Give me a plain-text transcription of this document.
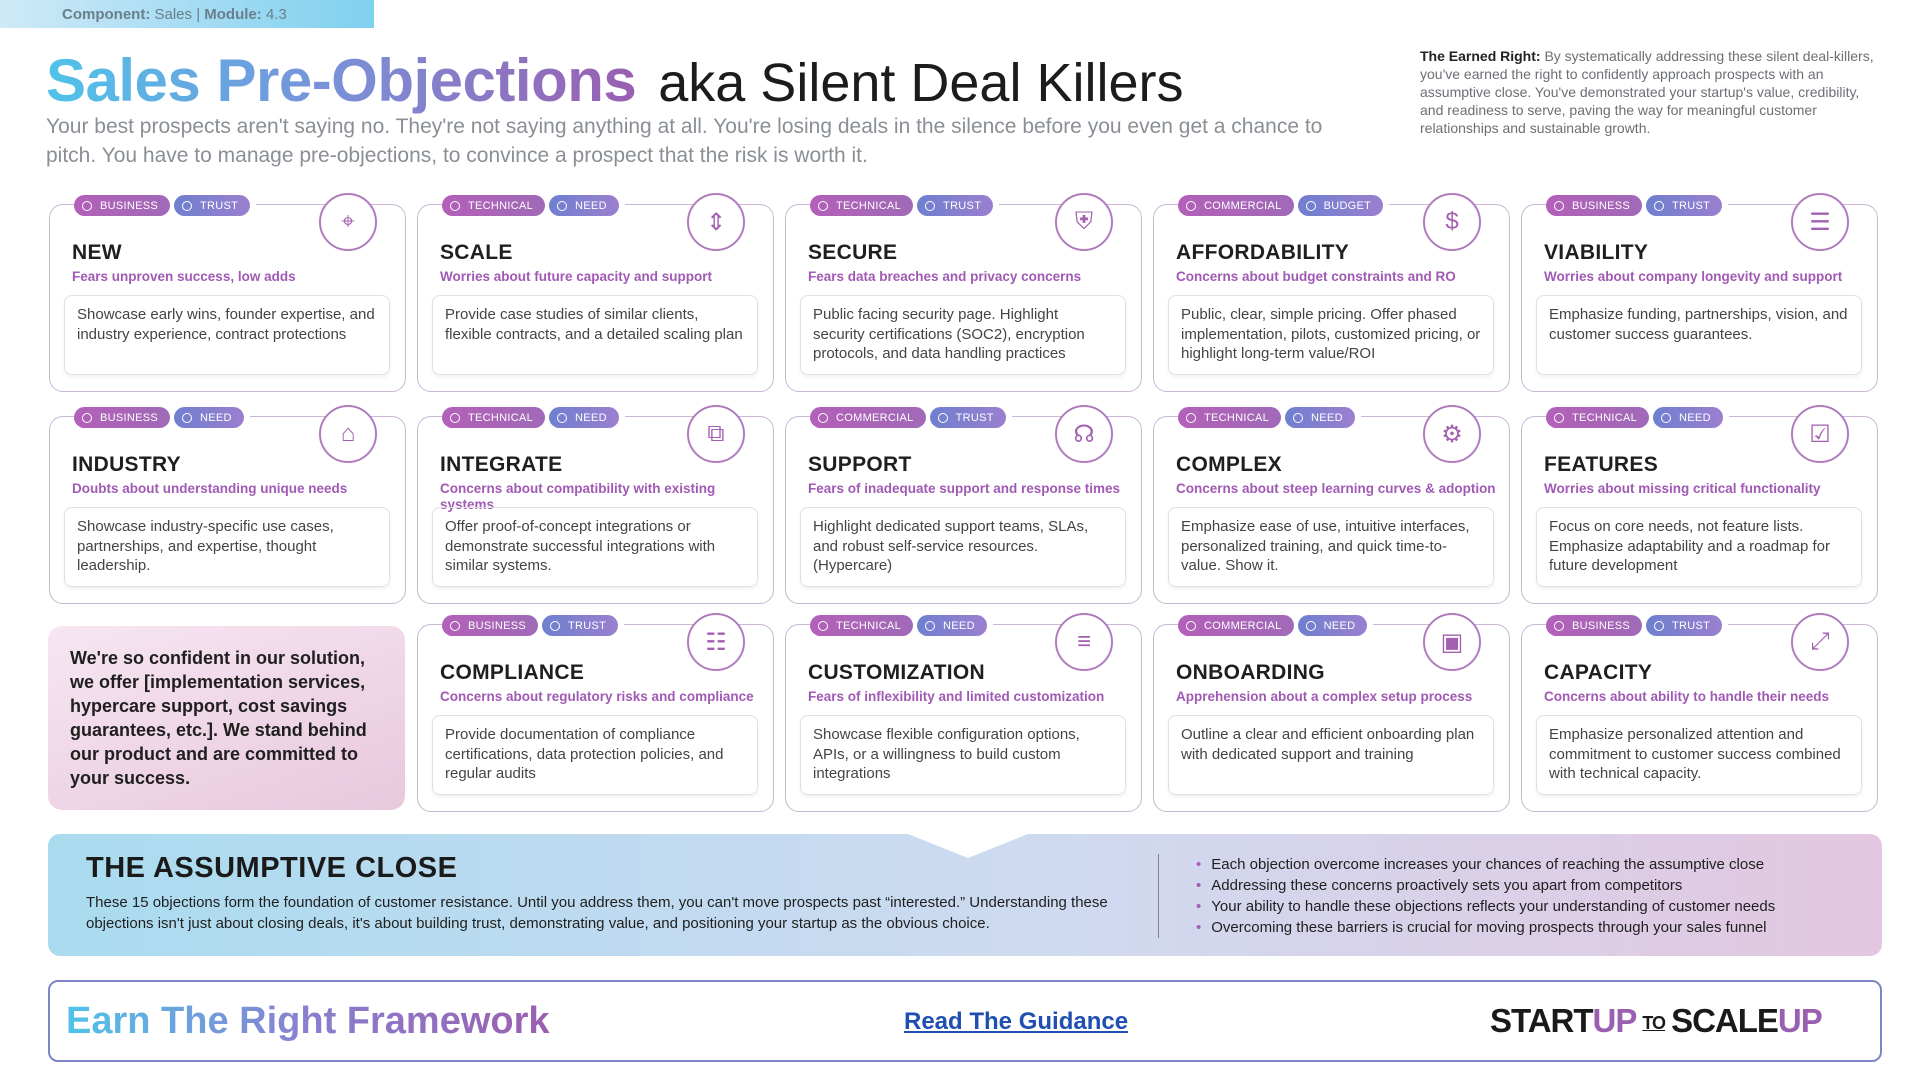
Component: Sales | Module: 4.3
Sales Pre-Objections aka Silent Deal Killers
Your best prospects aren't saying no. They're not saying anything at all. You're losing deals in the silence before you even get a chance to pitch. You have to manage pre-objections, to convince a prospect that the risk is worth it.
The Earned Right: By systematically addressing these silent deal-killers, you've earned the right to confidently approach prospects with an assumptive close. You've demonstrated your startup's value, credibility, and readiness to serve, paving the way for meaningful customer relationships and sustainable growth.
BUSINESS	TRUST
⌖
NEW
Fears unproven success, low adds
Showcase early wins, founder expertise, and industry experience, contract protections
TECHNICAL	NEED
⇕
SCALE
Worries about future capacity and support
Provide case studies of similar clients, flexible contracts, and a detailed scaling plan
TECHNICAL	TRUST
⛨
SECURE
Fears data breaches and privacy concerns
Public facing security page. Highlight security certifications (SOC2), encryption protocols, and data handling practices
COMMERCIAL	BUDGET
$
AFFORDABILITY
Concerns about budget constraints and RO
Public, clear, simple pricing. Offer phased implementation, pilots, customized pricing, or highlight long-term value/ROI
BUSINESS	TRUST
☰
VIABILITY
Worries about company longevity and support
Emphasize funding, partnerships, vision, and customer success guarantees.
BUSINESS	NEED
⌂
INDUSTRY
Doubts about understanding unique needs
Showcase industry-specific use cases, partnerships, and expertise, thought leadership.
TECHNICAL	NEED
⧉
INTEGRATE
Concerns about compatibility with existing systems
Offer proof-of-concept integrations or demonstrate successful integrations with similar systems.
COMMERCIAL	TRUST
☊
SUPPORT
Fears of inadequate support and response times
Highlight dedicated support teams, SLAs, and robust self-service resources. (Hypercare)
TECHNICAL	NEED
⚙
COMPLEX
Concerns about steep learning curves & adoption
Emphasize ease of use, intuitive interfaces, personalized training, and quick time-to-value. Show it.
TECHNICAL	NEED
☑
FEATURES
Worries about missing critical functionality
Focus on core needs, not feature lists. Emphasize adaptability and a roadmap for future development
BUSINESS	TRUST
☷
COMPLIANCE
Concerns about regulatory risks and compliance
Provide documentation of compliance certifications, data protection policies, and regular audits
TECHNICAL	NEED
≡
CUSTOMIZATION
Fears of inflexibility and limited customization
Showcase flexible configuration options, APIs, or a willingness to build custom integrations
COMMERCIAL	NEED
▣
ONBOARDING
Apprehension about a complex setup process
Outline a clear and efficient onboarding plan with dedicated support and training
BUSINESS	TRUST
⤢
CAPACITY
Concerns about ability to handle their needs
Emphasize personalized attention and commitment to customer success combined with technical capacity.
We're so confident in our solution, we offer [implementation services, hypercare support, cost savings guarantees, etc.]. We stand behind our product and are committed to your success.
THE ASSUMPTIVE CLOSE
These 15 objections form the foundation of customer resistance. Until you address them, you can't move prospects past “interested.” Understanding these objections isn't just about closing deals, it's about building trust, demonstrating value, and positioning your startup as the obvious choice.
• Each objection overcome increases your chances of reaching the assumptive close
• Addressing these concerns proactively sets you apart from competitors
• Your ability to handle these objections reflects your understanding of customer needs
• Overcoming these barriers is crucial for moving prospects through your sales funnel
Earn The Right Framework	Read The Guidance	STARTUP TO SCALEUP
